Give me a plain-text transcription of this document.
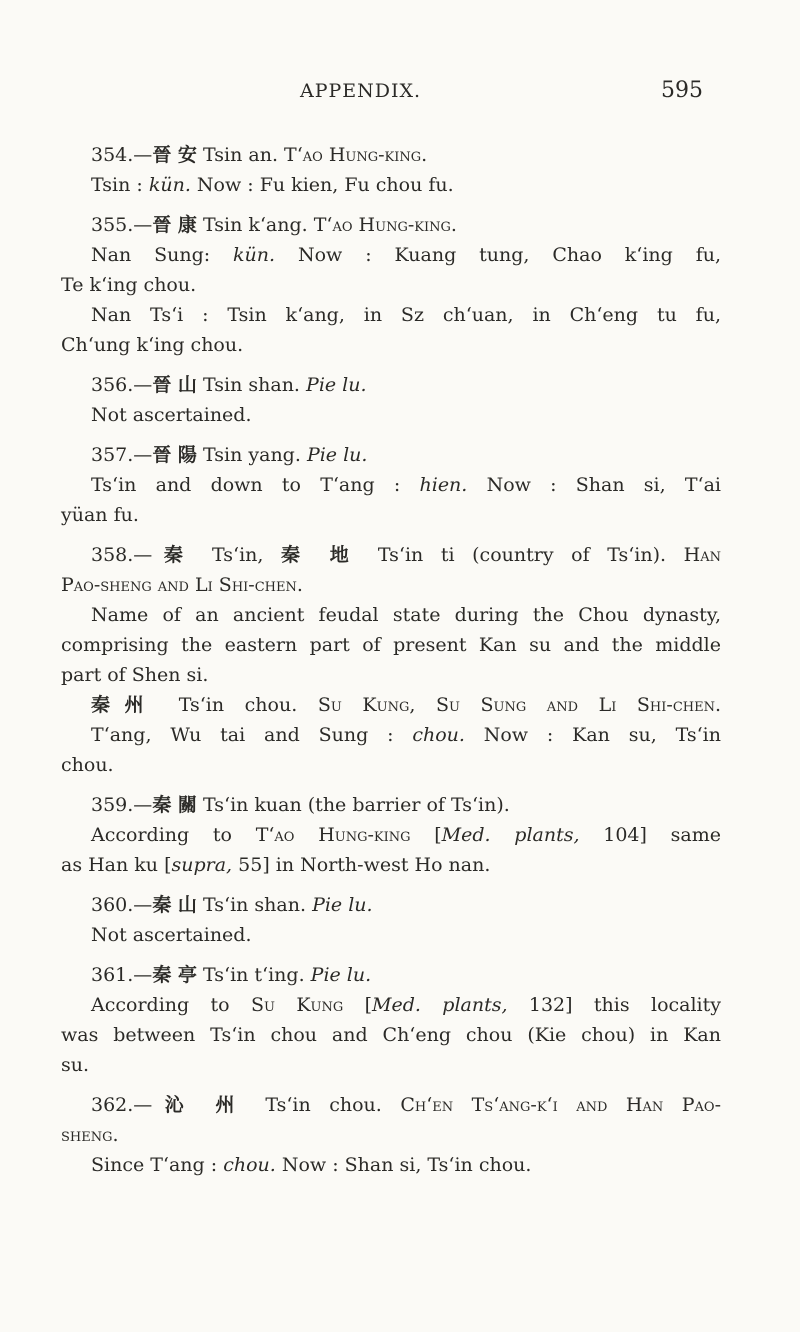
APPENDIX.	595
354.—晉 安 Tsin an. T‘ao Hung-king.
Tsin : kün. Now : Fu kien, Fu chou fu.
355.—晉 康 Tsin k‘ang. T‘ao Hung-king.
Nan Sung: kün. Now : Kuang tung, Chao k‘ing fu,
Te k‘ing chou.
Nan Ts‘i : Tsin k‘ang, in Sz ch‘uan, in Ch‘eng tu fu,
Ch‘ung k‘ing chou.
356.—晉 山 Tsin shan. Pie lu.
Not ascertained.
357.—晉 陽 Tsin yang. Pie lu.
Ts‘in and down to T‘ang : hien. Now : Shan si, T‘ai
yüan fu.
358.—秦 Ts‘in, 秦 地 Ts‘in ti (country of Ts‘in). Han
Pao-sheng and Li Shi-chen.
Name of an ancient feudal state during the Chou dynasty,
comprising the eastern part of present Kan su and the middle
part of Shen si.
秦州 Ts‘in chou. Su Kung, Su Sung and Li Shi-chen.
T‘ang, Wu tai and Sung : chou. Now : Kan su, Ts‘in
chou.
359.—秦 關 Ts‘in kuan (the barrier of Ts‘in).
According to T‘ao Hung-king [Med. plants, 104] same
as Han ku [supra, 55] in North-west Ho nan.
360.—秦 山 Ts‘in shan. Pie lu.
Not ascertained.
361.—秦 亭 Ts‘in t‘ing. Pie lu.
According to Su Kung [Med. plants, 132] this locality
was between Ts‘in chou and Ch‘eng chou (Kie chou) in Kan
su.
362.—沁 州 Ts‘in chou. Ch‘en Ts‘ang-k‘i and Han Pao-
sheng.
Since T‘ang : chou. Now : Shan si, Ts‘in chou.
